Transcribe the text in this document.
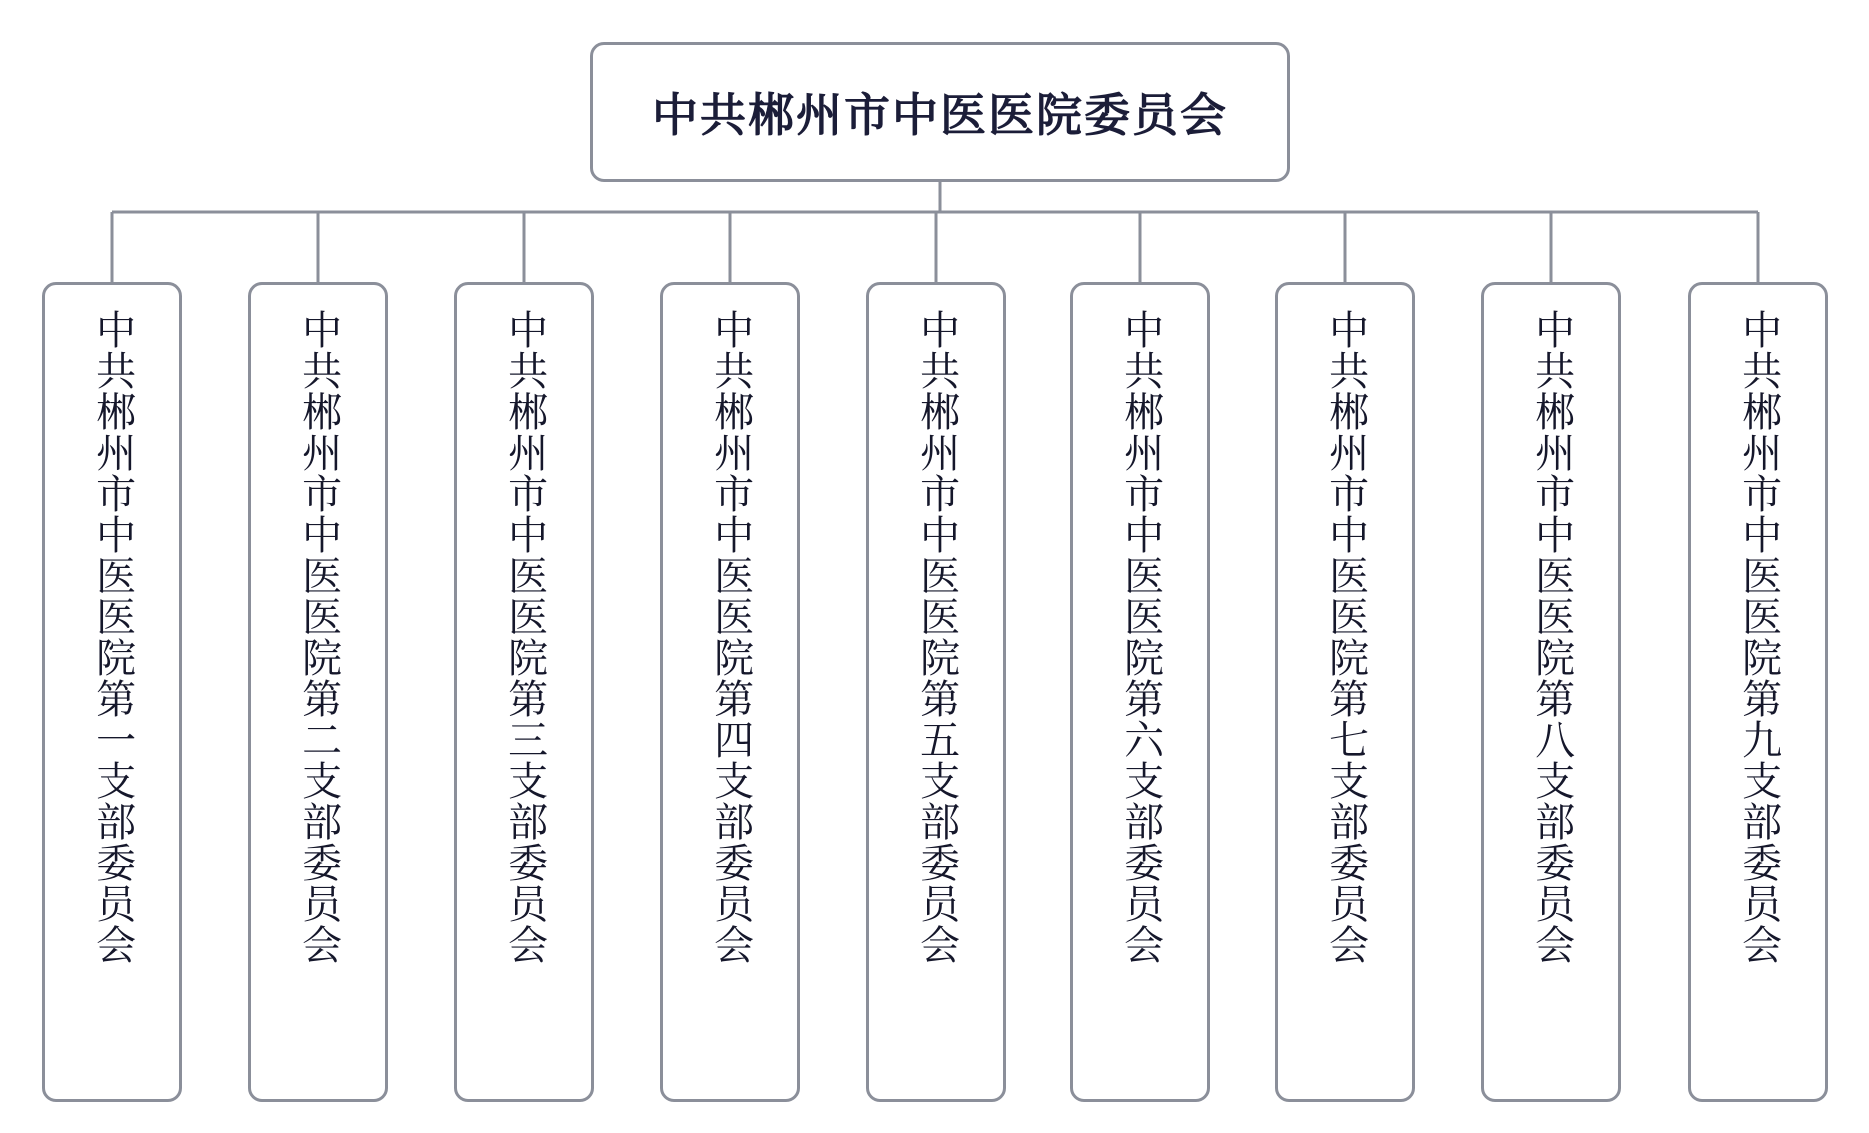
中共郴州市中医医院委员会
中共郴州市中医医院第一支部委员会	中共郴州市中医医院第二支部委员会	中共郴州市中医医院第三支部委员会	中共郴州市中医医院第四支部委员会	中共郴州市中医医院第五支部委员会	中共郴州市中医医院第六支部委员会	中共郴州市中医医院第七支部委员会	中共郴州市中医医院第八支部委员会	中共郴州市中医医院第九支部委员会
